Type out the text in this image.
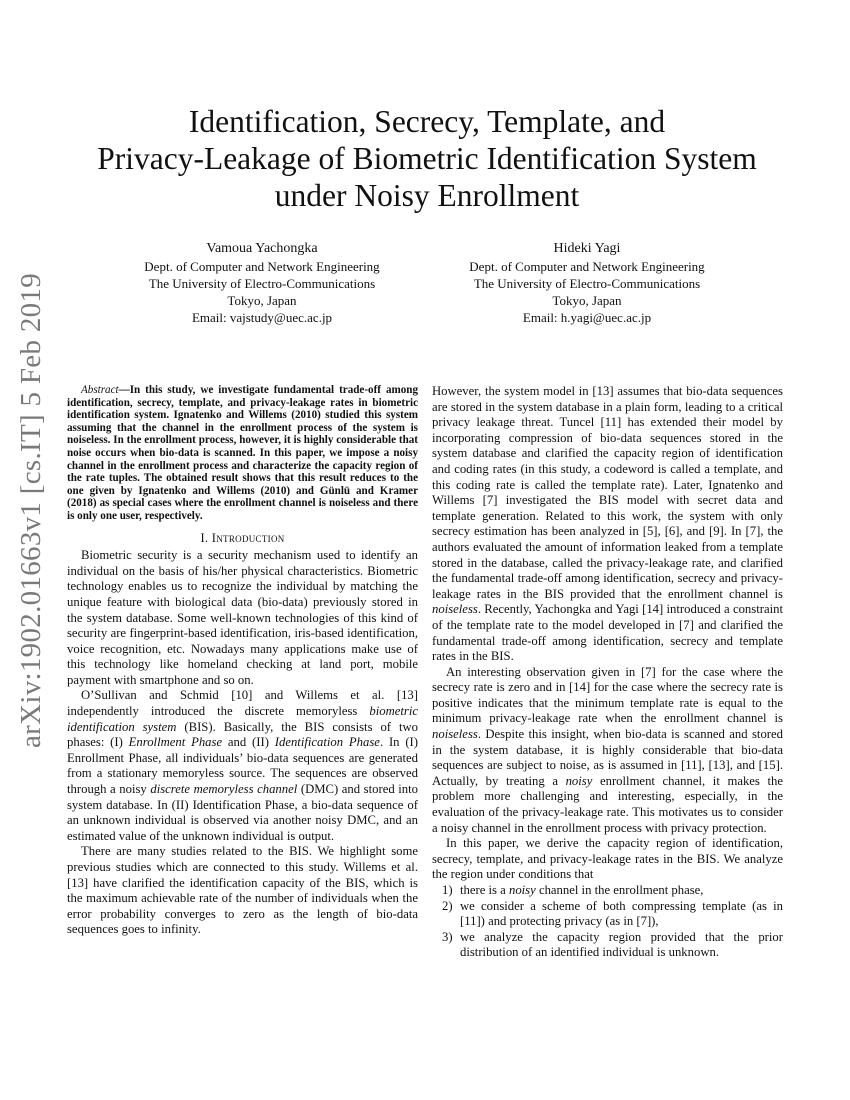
arXiv:1902.01663v1 [cs.IT] 5 Feb 2019
Identification, Secrecy, Template, and
Privacy-Leakage of Biometric Identification System
under Noisy Enrollment
Vamoua Yachongka
Dept. of Computer and Network Engineering
The University of Electro-Communications
Tokyo, Japan
Email: vajstudy@uec.ac.jp
Hideki Yagi
Dept. of Computer and Network Engineering
The University of Electro-Communications
Tokyo, Japan
Email: h.yagi@uec.ac.jp

Abstract—In this study, we investigate fundamental trade-off among identification, secrecy, template, and privacy-leakage rates in biometric identification system. Ignatenko and Willems (2010) studied this system assuming that the channel in the enrollment process of the system is noiseless. In the enrollment process, however, it is highly considerable that noise occurs when bio-data is scanned. In this paper, we impose a noisy channel in the enrollment process and characterize the capacity region of the rate tuples. The obtained result shows that this result reduces to the one given by Ignatenko and Willems (2010) and Günlü and Kramer (2018) as special cases where the enrollment channel is noiseless and there is only one user, respectively.

I. Introduction

Biometric security is a security mechanism used to identify an individual on the basis of his/her physical characteristics. Biometric technology enables us to recognize the individual by matching the unique feature with biological data (bio-data) previously stored in the system database. Some well-known technologies of this kind of security are fingerprint-based identification, iris-based identification, voice recognition, etc. Nowadays many applications make use of this technology like homeland checking at land port, mobile payment with smartphone and so on.

O’Sullivan and Schmid [10] and Willems et al. [13] independently introduced the discrete memoryless biometric identification system (BIS). Basically, the BIS consists of two phases: (I) Enrollment Phase and (II) Identification Phase. In (I) Enrollment Phase, all individuals’ bio-data sequences are generated from a stationary memoryless source. The sequences are observed through a noisy discrete memoryless channel (DMC) and stored into system database. In (II) Identification Phase, a bio-data sequence of an unknown individual is observed via another noisy DMC, and an estimated value of the unknown individual is output.

There are many studies related to the BIS. We highlight some previous studies which are connected to this study. Willems et al. [13] have clarified the identification capacity of the BIS, which is the maximum achievable rate of the number of individuals when the error probability converges to zero as the length of bio-data sequences goes to infinity.

However, the system model in [13] assumes that bio-data sequences are stored in the system database in a plain form, leading to a critical privacy leakage threat. Tuncel [11] has extended their model by incorporating compression of bio-data sequences stored in the system database and clarified the capacity region of identification and coding rates (in this study, a codeword is called a template, and this coding rate is called the template rate). Later, Ignatenko and Willems [7] investigated the BIS model with secret data and template generation. Related to this work, the system with only secrecy estimation has been analyzed in [5], [6], and [9]. In [7], the authors evaluated the amount of information leaked from a template stored in the database, called the privacy-leakage rate, and clarified the fundamental trade-off among identification, secrecy and privacy-leakage rates in the BIS provided that the enrollment channel is noiseless. Recently, Yachongka and Yagi [14] introduced a constraint of the template rate to the model developed in [7] and clarified the fundamental trade-off among identification, secrecy and template rates in the BIS.

An interesting observation given in [7] for the case where the secrecy rate is zero and in [14] for the case where the secrecy rate is positive indicates that the minimum template rate is equal to the minimum privacy-leakage rate when the enrollment channel is noiseless. Despite this insight, when bio-data is scanned and stored in the system database, it is highly considerable that bio-data sequences are subject to noise, as is assumed in [11], [13], and [15]. Actually, by treating a noisy enrollment channel, it makes the problem more challenging and interesting, especially, in the evaluation of the privacy-leakage rate. This motivates us to consider a noisy channel in the enrollment process with privacy protection.

In this paper, we derive the capacity region of identification, secrecy, template, and privacy-leakage rates in the BIS. We analyze the region under conditions that

1) there is a noisy channel in the enrollment phase,
2) we consider a scheme of both compressing template (as in [11]) and protecting privacy (as in [7]),
3) we analyze the capacity region provided that the prior distribution of an identified individual is unknown.
